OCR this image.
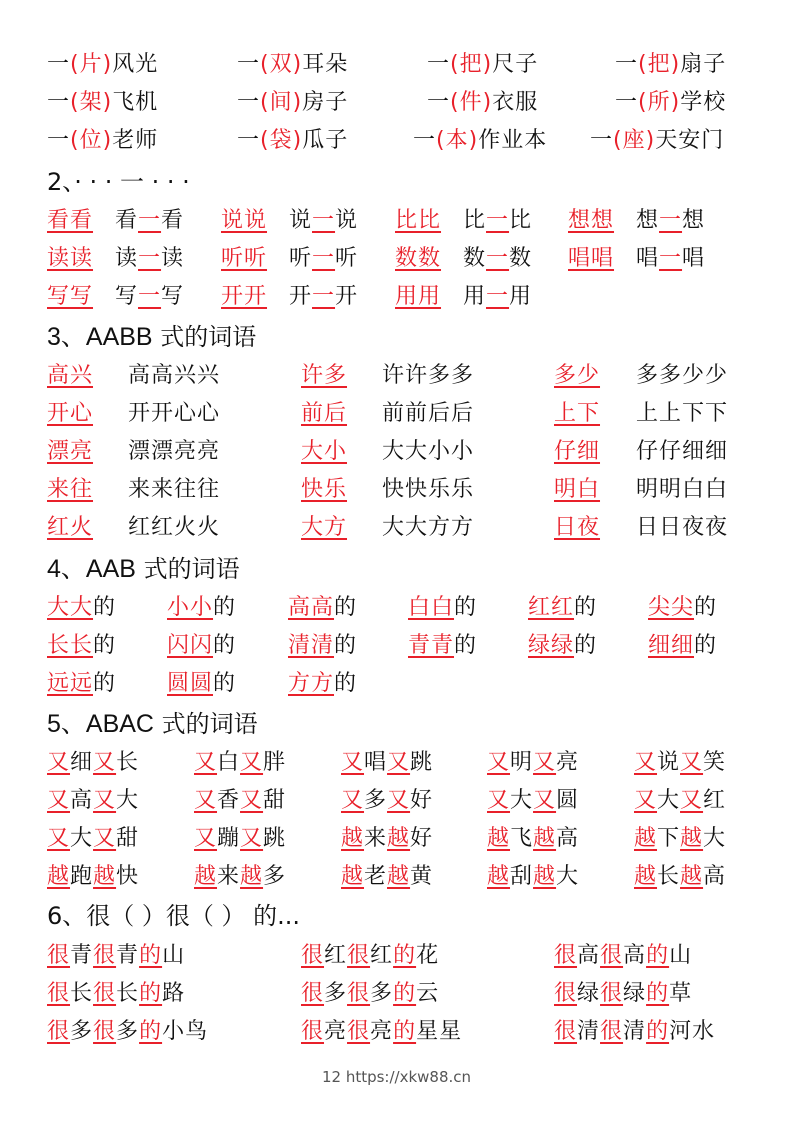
一(片)风光	一(双)耳朵	一(把)尺子	一(把)扇子
一(架)飞机	一(间)房子	一(件)衣服	一(所)学校
一(位)老师	一(袋)瓜子	一(本)作业本 一(座)天安门
2、· · · 一 · · ·
看看 看一看 说说 说一说 比比 比一比 想想 想一想
读读 读一读 听听 听一听 数数 数一数 唱唱 唱一唱
写写 写一写 开开 开一开 用用 用一用
3、AABB 式的词语
高兴 高高兴兴	许多 许许多多	多少 多多少少
开心 开开心心	前后 前前后后	上下 上上下下
漂亮 漂漂亮亮	大小 大大小小	仔细 仔仔细细
来往 来来往往	快乐 快快乐乐	明白 明明白白
红火 红红火火	大方 大大方方	日夜 日日夜夜
4、AAB 式的词语
大大的 小小的 高高的 白白的 红红的 尖尖的
长长的 闪闪的 清清的 青青的 绿绿的 细细的
远远的 圆圆的 方方的
5、ABAC 式的词语
又细又长 又白又胖 又唱又跳 又明又亮 又说又笑
又高又大 又香又甜 又多又好 又大又圆 又大又红
又大又甜 又蹦又跳 越来越好 越飞越高 越下越大
越跑越快 越来越多 越老越黄 越刮越大 越长越高
6、很（ ）很（ ） 的...
很青很青的山	很红很红的花	很高很高的山
很长很长的路	很多很多的云	很绿很绿的草
很多很多的小鸟	很亮很亮的星星	很清很清的河水
12 https://xkw88.cn
